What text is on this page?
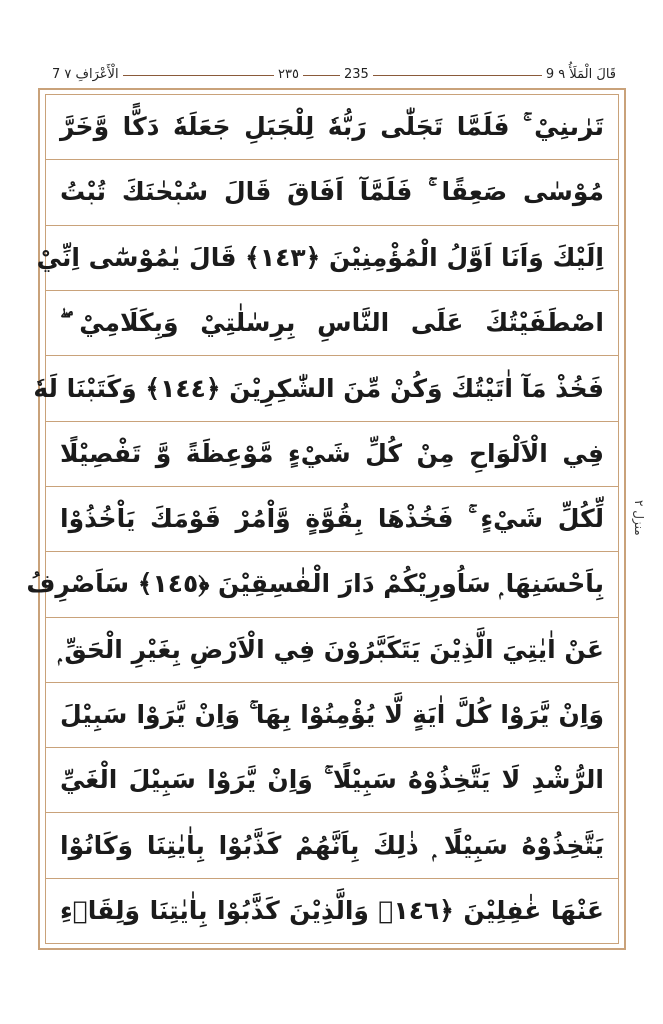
7 الْأَعْرَافِ ٧	٢٣٥	235	9 قَالَ الْمَلَأُ ٩
تَرٰىنِيْ ۚ فَلَمَّا تَجَلّٰى رَبُّهٗ لِلْجَبَلِ جَعَلَهٗ دَكًّا وَّخَرَّ
مُوْسٰى صَعِقًا ۚ فَلَمَّآ اَفَاقَ قَالَ سُبْحٰنَكَ تُبْتُ
اِلَيْكَ وَاَنَا اَوَّلُ الْمُؤْمِنِيْنَ ﴿١٤٣﴾ قَالَ يٰمُوْسٰٓى اِنِّيْ
اصْطَفَيْتُكَ عَلَى النَّاسِ بِرِسٰلٰتِيْ وَبِكَلَامِيْ ۖ
فَخُذْ مَآ اٰتَيْتُكَ وَكُنْ مِّنَ الشّٰكِرِيْنَ ﴿١٤٤﴾ وَكَتَبْنَا لَهٗ
فِي الْاَلْوَاحِ مِنْ كُلِّ شَيْءٍ مَّوْعِظَةً وَّ تَفْصِيْلًا
لِّكُلِّ شَيْءٍ ۚ فَخُذْهَا بِقُوَّةٍ وَّاْمُرْ قَوْمَكَ يَاْخُذُوْا
بِاَحْسَنِهَا ۭ سَاُورِيْكُمْ دَارَ الْفٰسِقِيْنَ ﴿١٤٥﴾ سَاَصْرِفُ
عَنْ اٰيٰتِيَ الَّذِيْنَ يَتَكَبَّرُوْنَ فِي الْاَرْضِ بِغَيْرِ الْحَقِّ ۭ
وَاِنْ يَّرَوْا كُلَّ اٰيَةٍ لَّا يُؤْمِنُوْا بِهَا ۚ وَاِنْ يَّرَوْا سَبِيْلَ
الرُّشْدِ لَا يَتَّخِذُوْهُ سَبِيْلًا ۚ وَاِنْ يَّرَوْا سَبِيْلَ الْغَيِّ
يَتَّخِذُوْهُ سَبِيْلًا ۭ ذٰلِكَ بِاَنَّهُمْ كَذَّبُوْا بِاٰيٰتِنَا وَكَانُوْا
عَنْهَا غٰفِلِيْنَ ﴿١٤٦﴾ وَالَّذِيْنَ كَذَّبُوْا بِاٰيٰتِنَا وَلِقَاۗءِ
منزل ٢
